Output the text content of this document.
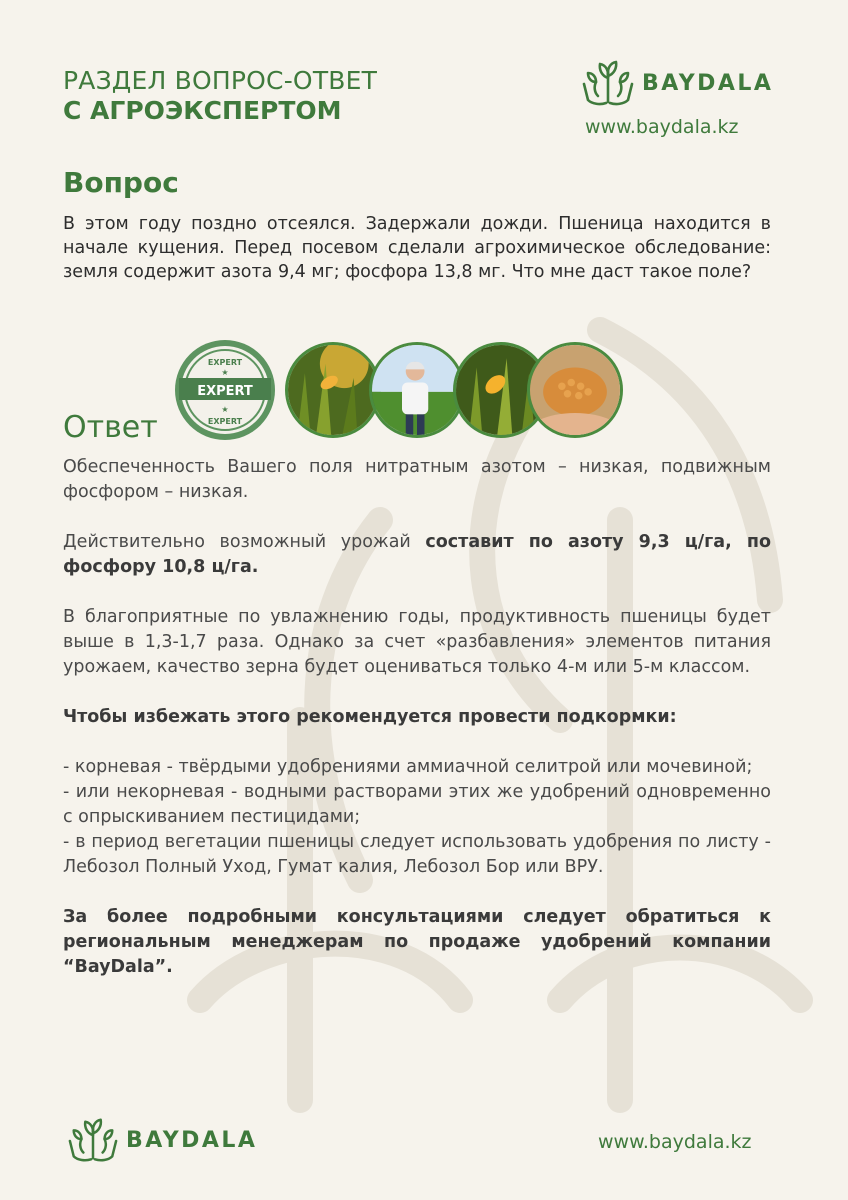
РАЗДЕЛ ВОПРОС-ОТВЕТ
С АГРОЭКСПЕРТОМ
BAYDALA
www.baydala.kz
Вопрос
В этом году поздно отсеялся. Задержали дожди. Пшеница находится в начале кущения. Перед посевом сделали агрохимическое обследование: земля содержит азота 9,4 мг; фосфора 13,8 мг. Что мне даст такое поле?
EXPERT
EXPERT
EXPERT
★
★
Ответ

Обеспеченность Вашего поля нитратным азотом – низкая, подвижным фосфором – низкая.

Действительно возможный урожай составит по азоту 9,3 ц/га, по фосфору 10,8 ц/га.

В благоприятные по увлажнению годы, продуктивность пшеницы будет выше в 1,3-1,7 раза. Однако за счет «разбавления» элементов питания урожаем, качество зерна будет оцениваться только 4-м или 5-м классом.

Чтобы избежать этого рекомендуется провести подкормки:

- корневая - твёрдыми удобрениями аммиачной селитрой или мочевиной;

- или некорневая - водными растворами этих же удобрений одновременно с опрыскиванием пестицидами;

- в период вегетации пшеницы следует использовать удобрения по листу - Лебозол Полный Уход, Гумат калия, Лебозол Бор или ВРУ.

За более подробными консультациями следует обратиться к региональным менеджерам по продаже удобрений компании “BayDala”.

BAYDALA	www.baydala.kz
